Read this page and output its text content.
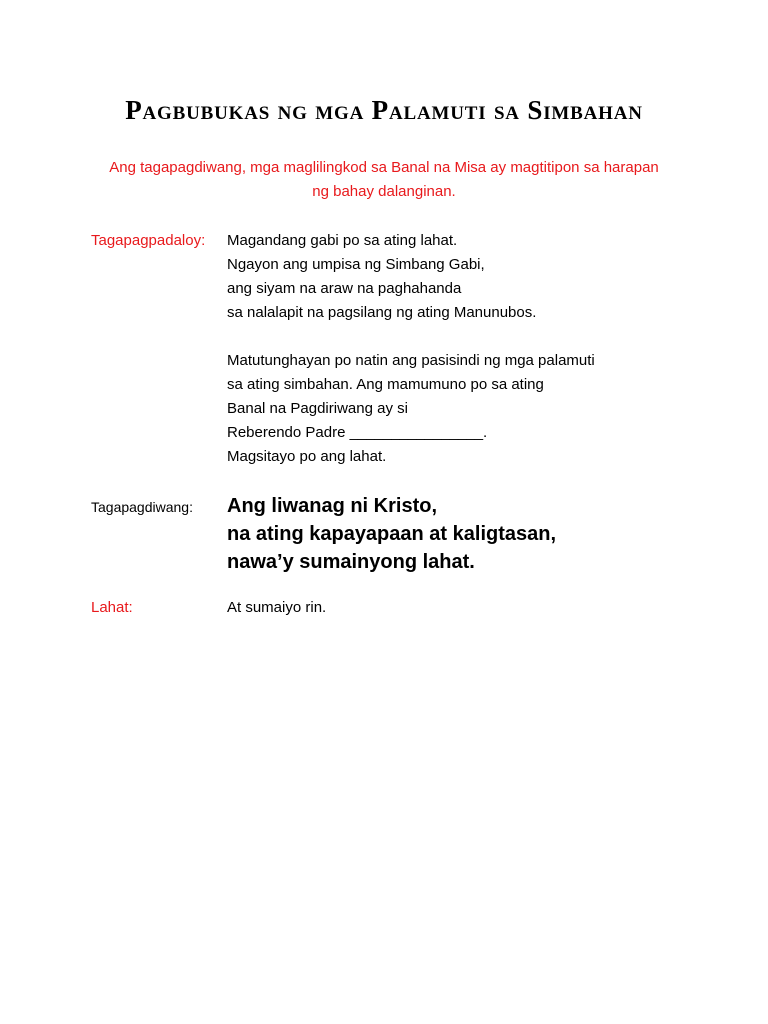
Pagbubukas ng mga Palamuti sa Simbahan
Ang tagapagdiwang, mga maglilingkod sa Banal na Misa ay magtitipon sa harapan
ng bahay dalanginan.
Tagapagpadaloy: Magandang gabi po sa ating lahat.
Ngayon ang umpisa ng Simbang Gabi,
ang siyam na araw na paghahanda
sa nalalapit na pagsilang ng ating Manunubos.
Matutunghayan po natin ang pasisindi ng mga palamuti
sa ating simbahan. Ang mamumuno po sa ating
Banal na Pagdiriwang ay si
Reberendo Padre ________________.
Magsitayo po ang lahat.
Tagapagdiwang: Ang liwanag ni Kristo,
na ating kapayapaan at kaligtasan,
nawa’y sumainyong lahat.
Lahat:	At sumaiyo rin.
